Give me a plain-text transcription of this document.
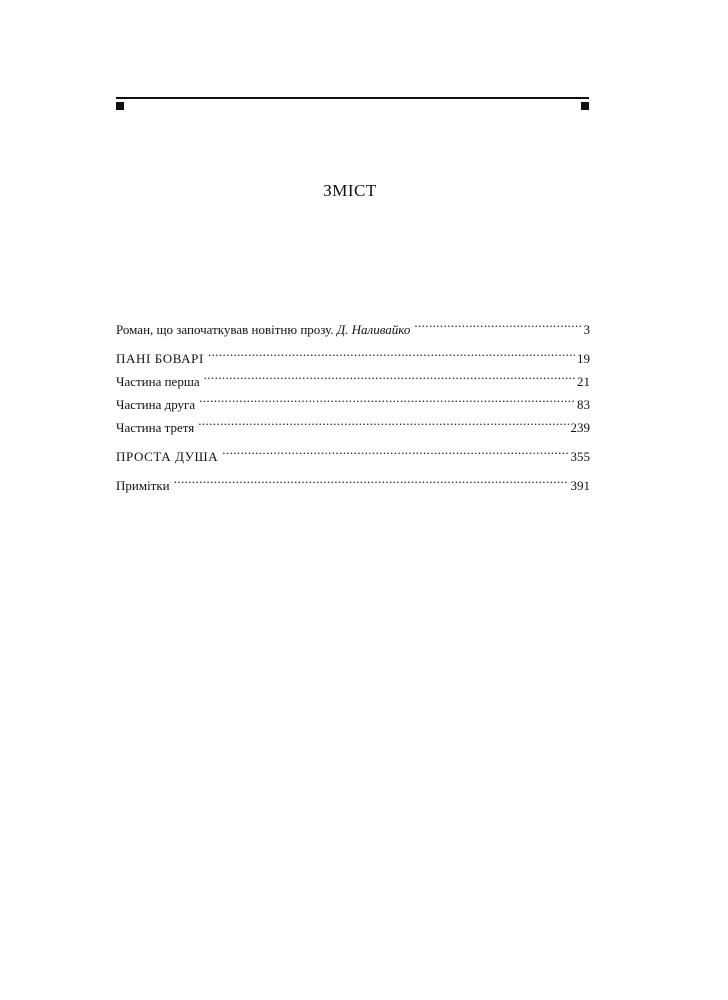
ЗМІСТ
Роман, що започаткував новітню прозу. Д. Наливайко .....	3
ПАНІ БОВАРІ .....	19
Частина перша .....	21
Частина друга .....	83
Частина третя .....	239
ПРОСТА ДУША .....	355
Примітки .....	391
